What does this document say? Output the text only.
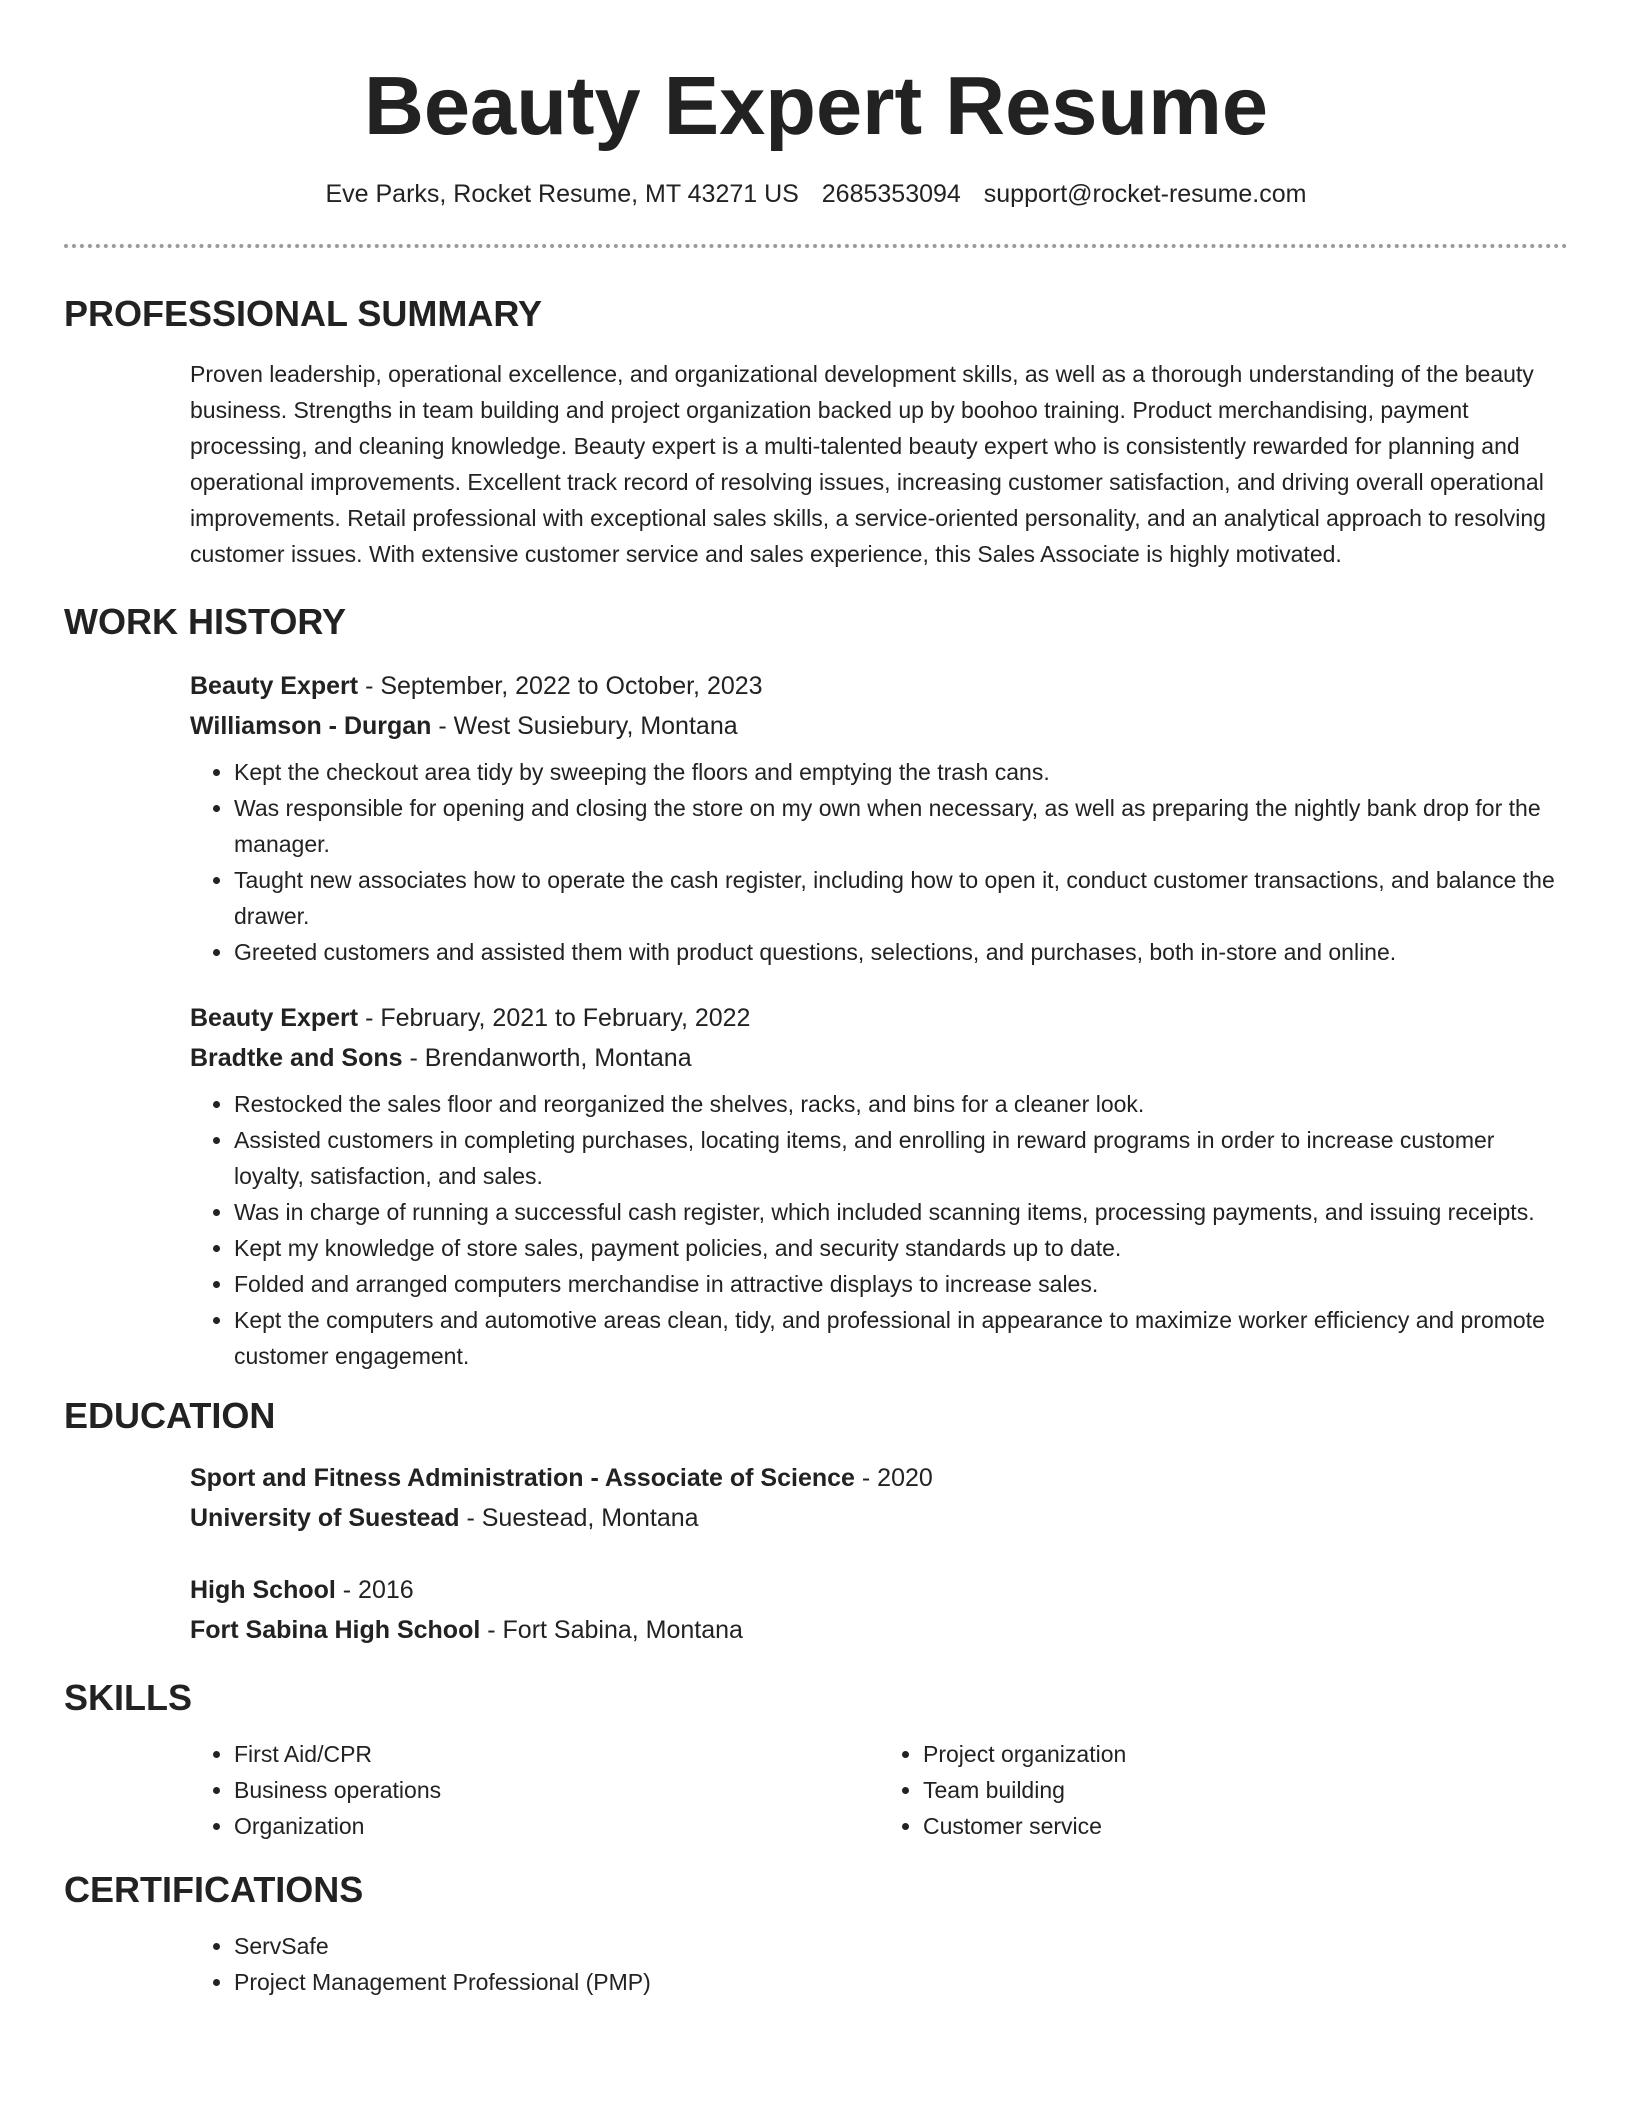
Beauty Expert Resume
Eve Parks, Rocket Resume, MT 43271 US 2685353094 support@rocket-resume.com
PROFESSIONAL SUMMARY
Proven leadership, operational excellence, and organizational development skills, as well as a thorough understanding of the beauty business. Strengths in team building and project organization backed up by boohoo training. Product merchandising, payment processing, and cleaning knowledge. Beauty expert is a multi-talented beauty expert who is consistently rewarded for planning and operational improvements. Excellent track record of resolving issues, increasing customer satisfaction, and driving overall operational improvements. Retail professional with exceptional sales skills, a service-oriented personality, and an analytical approach to resolving customer issues. With extensive customer service and sales experience, this Sales Associate is highly motivated.
WORK HISTORY
Beauty Expert - September, 2022 to October, 2023
Williamson - Durgan - West Susiebury, Montana
• Kept the checkout area tidy by sweeping the floors and emptying the trash cans.
• Was responsible for opening and closing the store on my own when necessary, as well as preparing the nightly bank drop for the manager.
• Taught new associates how to operate the cash register, including how to open it, conduct customer transactions, and balance the drawer.
• Greeted customers and assisted them with product questions, selections, and purchases, both in-store and online.
Beauty Expert - February, 2021 to February, 2022
Bradtke and Sons - Brendanworth, Montana
• Restocked the sales floor and reorganized the shelves, racks, and bins for a cleaner look.
• Assisted customers in completing purchases, locating items, and enrolling in reward programs in order to increase customer loyalty, satisfaction, and sales.
• Was in charge of running a successful cash register, which included scanning items, processing payments, and issuing receipts.
• Kept my knowledge of store sales, payment policies, and security standards up to date.
• Folded and arranged computers merchandise in attractive displays to increase sales.
• Kept the computers and automotive areas clean, tidy, and professional in appearance to maximize worker efficiency and promote customer engagement.
EDUCATION
Sport and Fitness Administration - Associate of Science - 2020
University of Suestead - Suestead, Montana
High School - 2016
Fort Sabina High School - Fort Sabina, Montana
SKILLS
• First Aid/CPR
• Business operations
• Organization
• Project organization
• Team building
• Customer service
CERTIFICATIONS
• ServSafe
• Project Management Professional (PMP)
